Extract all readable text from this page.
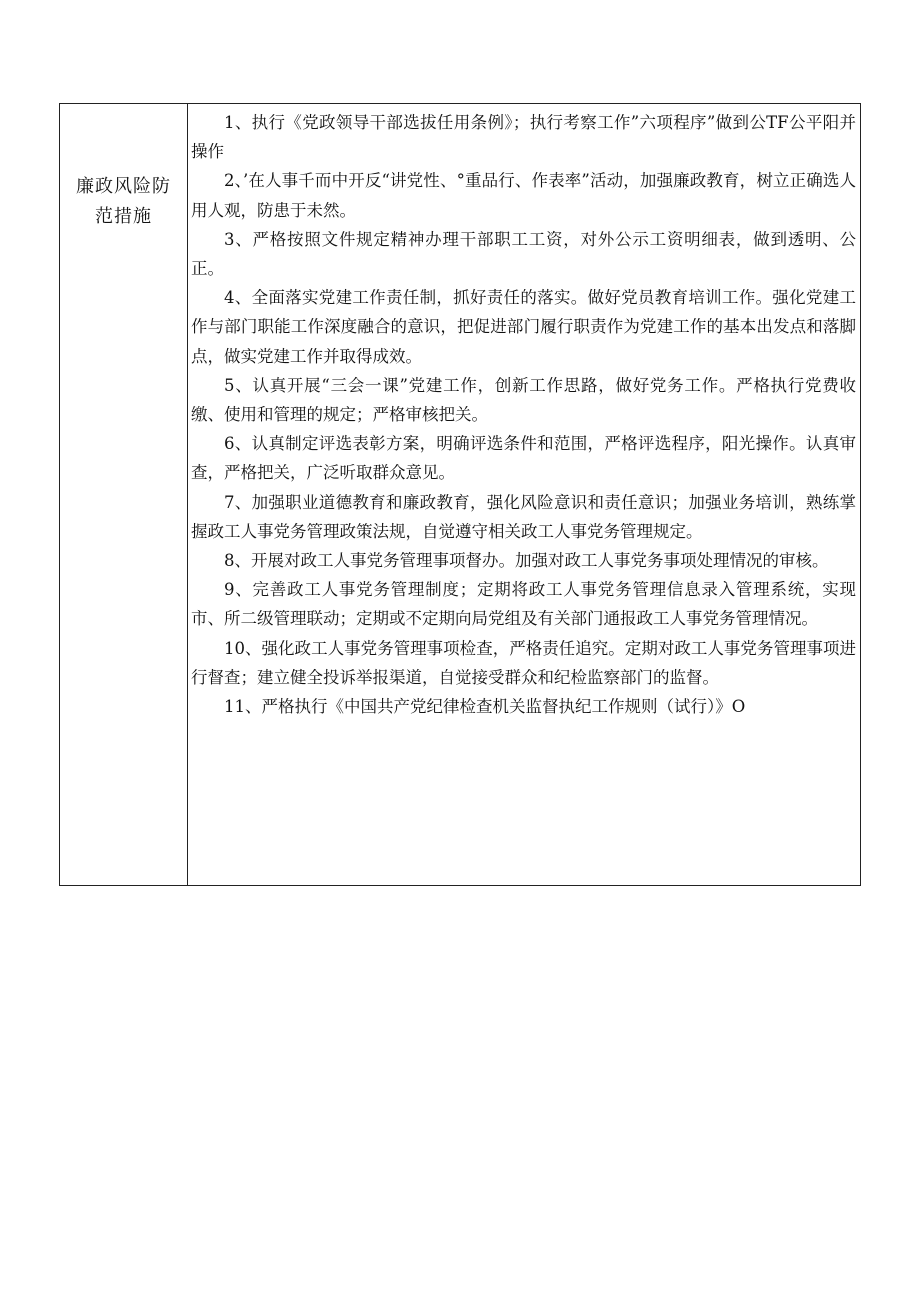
廉政风险防
范措施

1、执行《党政领导干部选拔任用条例》；执行考察工作”六项程序”做到公TF公平阳并操作

2、’在人事千而中开反“讲党性、°重品行、作表率”活动，加强廉政教育，树立正确选人用人观，防患于未然。

3、严格按照文件规定精神办理干部职工工资，对外公示工资明细表，做到透明、公正。

4、全面落实党建工作责任制，抓好责任的落实。做好党员教育培训工作。强化党建工作与部门职能工作深度融合的意识，把促进部门履行职责作为党建工作的基本出发点和落脚点，做实党建工作并取得成效。

5、认真开展“三会一课”党建工作，创新工作思路，做好党务工作。严格执行党费收缴、使用和管理的规定；严格审核把关。

6、认真制定评选表彰方案，明确评选条件和范围，严格评选程序，阳光操作。认真审查，严格把关，广泛听取群众意见。

7、加强职业道德教育和廉政教育，强化风险意识和责任意识；加强业务培训，熟练掌握政工人事党务管理政策法规，自觉遵守相关政工人事党务管理规定。

8、开展对政工人事党务管理事项督办。加强对政工人事党务事项处理情况的审核。

9、完善政工人事党务管理制度；定期将政工人事党务管理信息录入管理系统，实现市、所二级管理联动；定期或不定期向局党组及有关部门通报政工人事党务管理情况。

10、强化政工人事党务管理事项检查，严格责任追究。定期对政工人事党务管理事项进行督查；建立健全投诉举报渠道，自觉接受群众和纪检监察部门的监督。

11、严格执行《中国共产党纪律检查机关监督执纪工作规则（试行）》O
